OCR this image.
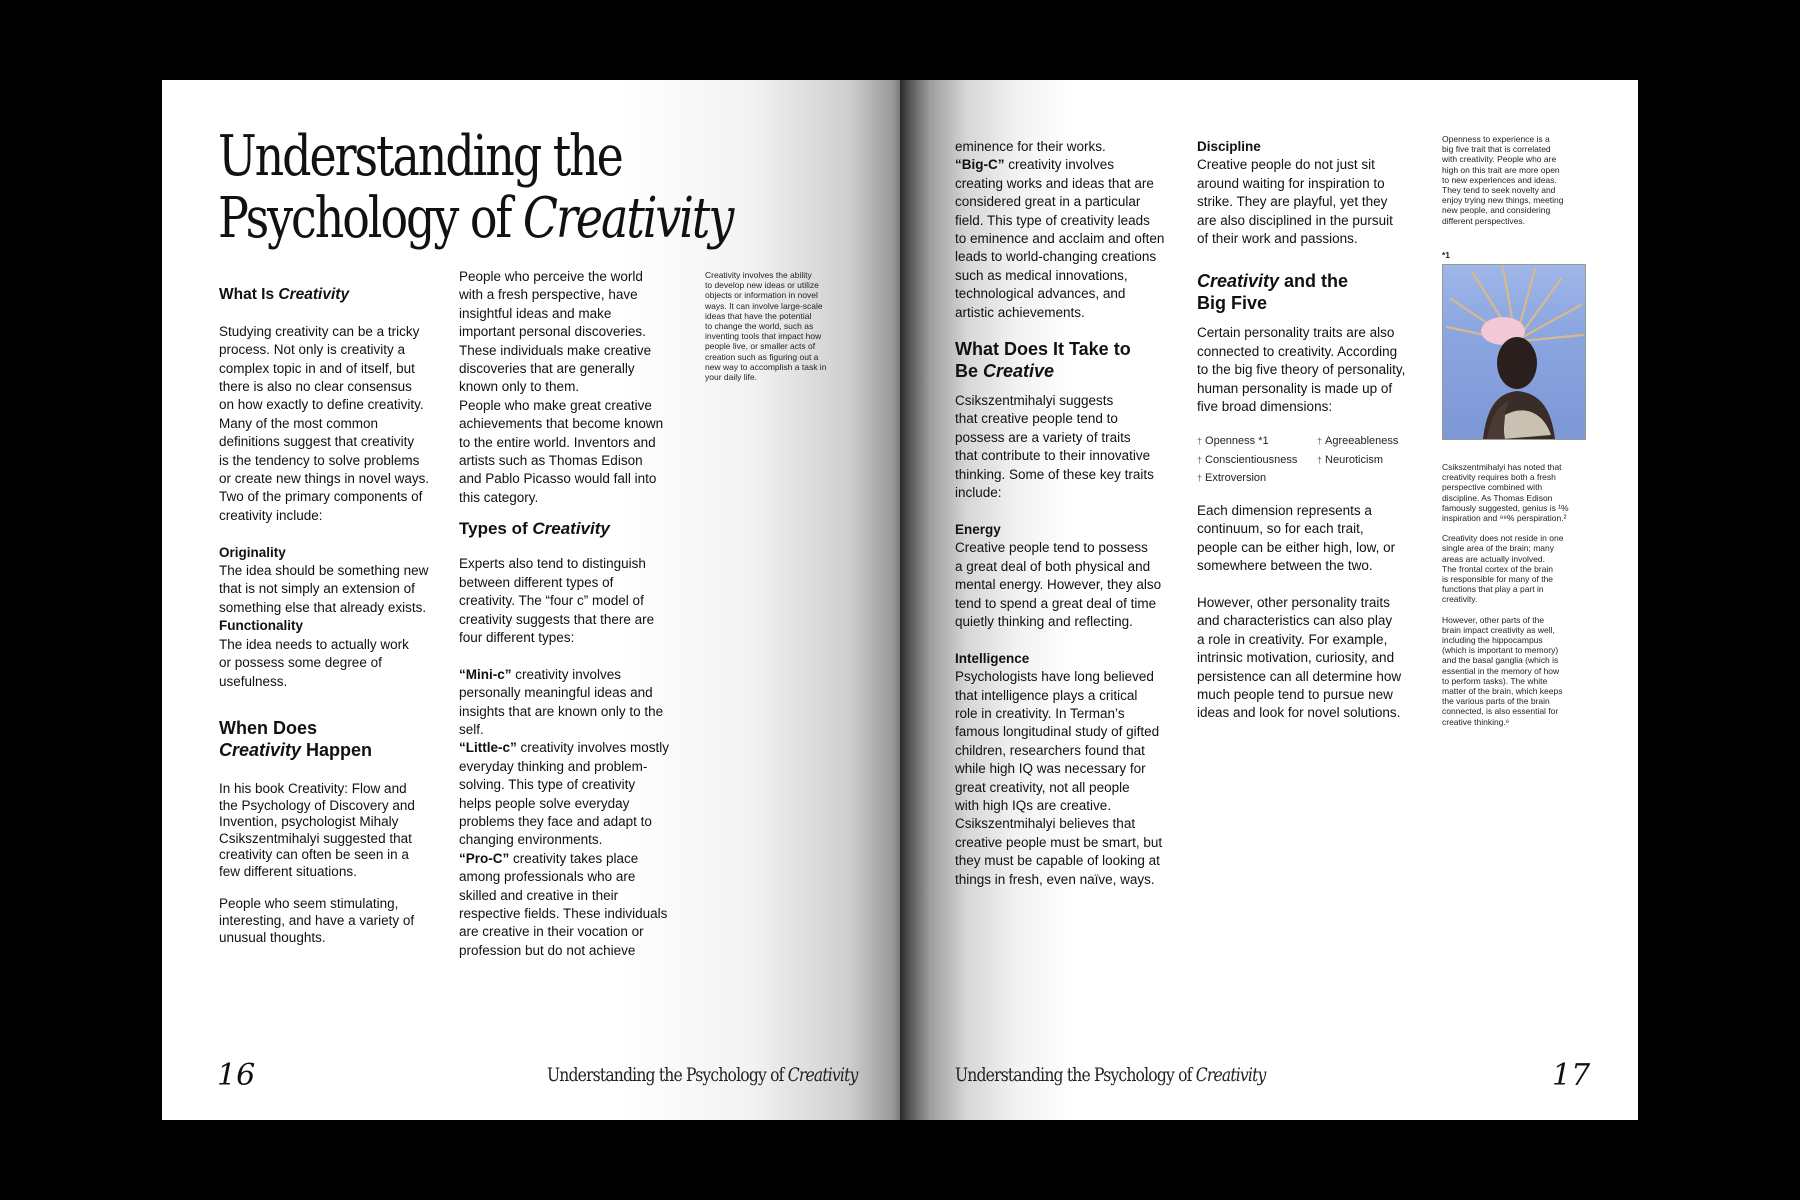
Understanding the
Psychology of Creativity
What Is Creativity
Studying creativity can be a tricky
process. Not only is creativity a
complex topic in and of itself, but
there is also no clear consensus
on how exactly to define creativity.
Many of the most common
definitions suggest that creativity
is the tendency to solve problems
or create new things in novel ways.
Two of the primary components of
creativity include:
Originality
The idea should be something new
that is not simply an extension of
something else that already exists.
Functionality
The idea needs to actually work
or possess some degree of
usefulness.
When Does
Creativity Happen
In his book Creativity: Flow and
the Psychology of Discovery and
Invention, psychologist Mihaly
Csikszentmihalyi suggested that
creativity can often be seen in a
few different situations.
People who seem stimulating,
interesting, and have a variety of
unusual thoughts.
People who perceive the world
with a fresh perspective, have
insightful ideas and make
important personal discoveries.
These individuals make creative
discoveries that are generally
known only to them.
People who make great creative
achievements that become known
to the entire world. Inventors and
artists such as Thomas Edison
and Pablo Picasso would fall into
this category.
Types of Creativity
Experts also tend to distinguish
between different types of
creativity. The “four c” model of
creativity suggests that there are
four different types:
“Mini-c” creativity involves
personally meaningful ideas and
insights that are known only to the
self.
“Little-c” creativity involves mostly
everyday thinking and problem-
solving. This type of creativity
helps people solve everyday
problems they face and adapt to
changing environments.
“Pro-C” creativity takes place
among professionals who are
skilled and creative in their
respective fields. These individuals
are creative in their vocation or
profession but do not achieve
Creativity involves the ability
to develop new ideas or utilize
objects or information in novel
ways. It can involve large-scale
ideas that have the potential
to change the world, such as
inventing tools that impact how
people live, or smaller acts of
creation such as figuring out a
new way to accomplish a task in
your daily life.
16	Understanding the Psychology of Creativity
eminence for their works.
“Big-C” creativity involves
creating works and ideas that are
considered great in a particular
field. This type of creativity leads
to eminence and acclaim and often
leads to world-changing creations
such as medical innovations,
technological advances, and
artistic achievements.
What Does It Take to
Be Creative
Csikszentmihalyi suggests
that creative people tend to
possess are a variety of traits
that contribute to their innovative
thinking. Some of these key traits
include:
Energy
Creative people tend to possess
a great deal of both physical and
mental energy. However, they also
tend to spend a great deal of time
quietly thinking and reflecting.
Intelligence
Psychologists have long believed
that intelligence plays a critical
role in creativity. In Terman’s
famous longitudinal study of gifted
children, researchers found that
while high IQ was necessary for
great creativity, not all people
with high IQs are creative.
Csikszentmihalyi believes that
creative people must be smart, but
they must be capable of looking at
things in fresh, even naïve, ways.
Discipline
Creative people do not just sit
around waiting for inspiration to
strike. They are playful, yet they
are also disciplined in the pursuit
of their work and passions.
Creativity and the
Big Five
Certain personality traits are also
connected to creativity. According
to the big five theory of personality,
human personality is made up of
five broad dimensions:
† Openness *1
† Conscientiousness
† Extroversion
† Agreeableness
† Neuroticism
Each dimension represents a
continuum, so for each trait,
people can be either high, low, or
somewhere between the two.
However, other personality traits
and characteristics can also play
a role in creativity. For example,
intrinsic motivation, curiosity, and
persistence can all determine how
much people tend to pursue new
ideas and look for novel solutions.
Openness to experience is a
big five trait that is correlated
with creativity. People who are
high on this trait are more open
to new experiences and ideas.
They tend to seek novelty and
enjoy trying new things, meeting
new people, and considering
different perspectives.
*1
Csikszentmihalyi has noted that
creativity requires both a fresh
perspective combined with
discipline. As Thomas Edison
famously suggested, genius is ¹%
inspiration and ⁹⁹% perspiration.²
Creativity does not reside in one
single area of the brain; many
areas are actually involved.
The frontal cortex of the brain
is responsible for many of the
functions that play a part in
creativity.
However, other parts of the
brain impact creativity as well,
including the hippocampus
(which is important to memory)
and the basal ganglia (which is
essential in the memory of how
to perform tasks). The white
matter of the brain, which keeps
the various parts of the brain
connected, is also essential for
creative thinking.⁶
Understanding the Psychology of Creativity	17
